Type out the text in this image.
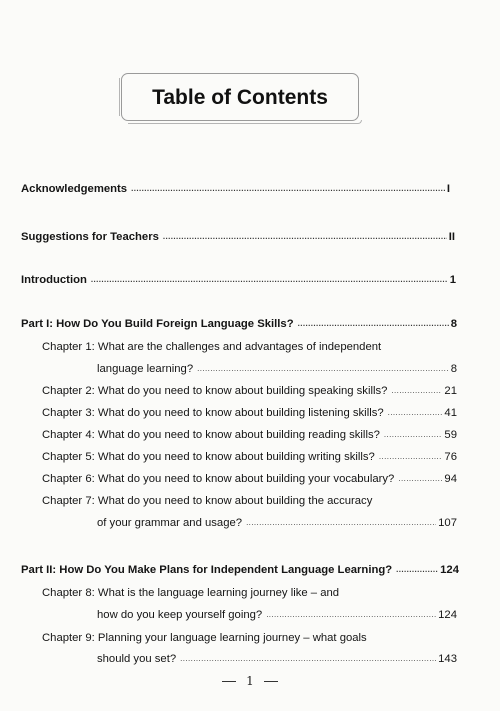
Table of Contents
Acknowledgements .....	I
Suggestions for Teachers .....	II
Introduction .....	1
Part I: How Do You Build Foreign Language Skills? .....	8
Chapter 1: What are the challenges and advantages of independent
language learning? .....	8
Chapter 2: What do you need to know about building speaking skills? .....	21
Chapter 3: What do you need to know about building listening skills? .....	41
Chapter 4: What do you need to know about building reading skills? .....	59
Chapter 5: What do you need to know about building writing skills? .....	76
Chapter 6: What do you need to know about building your vocabulary? .....	94
Chapter 7: What do you need to know about building the accuracy
of your grammar and usage? .....	107
Part II: How Do You Make Plans for Independent Language Learning? .....	124
Chapter 8: What is the language learning journey like – and
how do you keep yourself going? .....	124
Chapter 9: Planning your language learning journey – what goals
should you set? .....	143
1
